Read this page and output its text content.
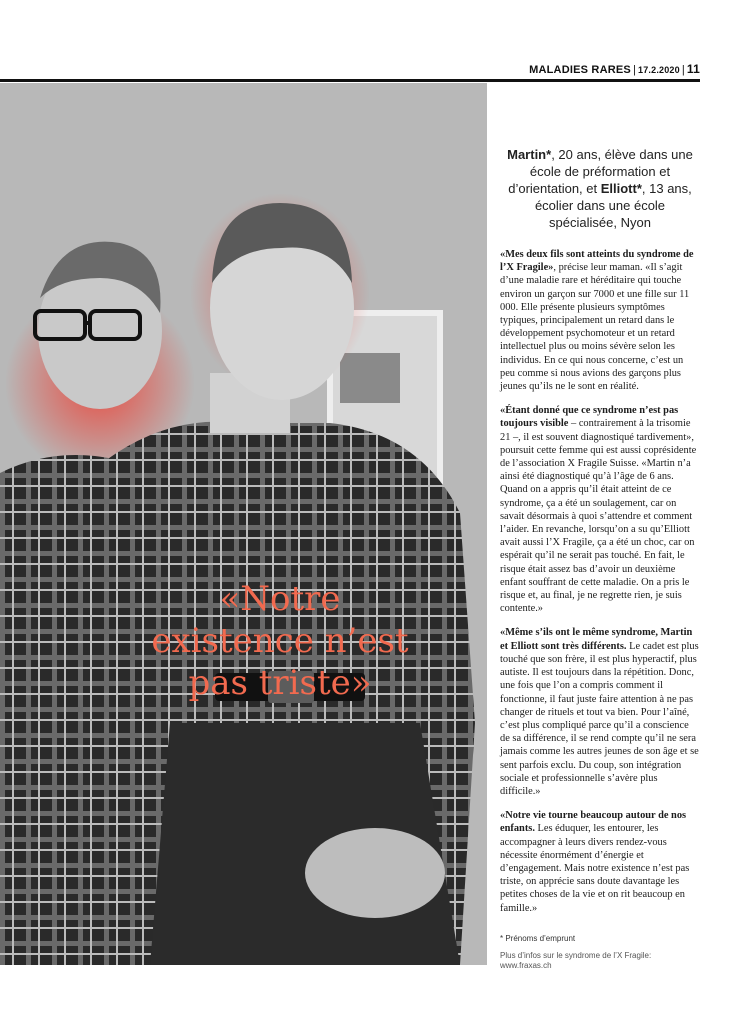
MALADIES RARES | 17.2.2020 | 11
«Notre
existence n’est
pas triste»
Martin*, 20 ans, élève dans une école de préformation et d’orientation, et Elliott*, 13 ans, écolier dans une école spécialisée, Nyon

«Mes deux fils sont atteints du syndrome de l’X Fragile», précise leur maman. «Il s’agit d’une maladie rare et héréditaire qui touche environ un garçon sur 7000 et une fille sur 11 000. Elle présente plusieurs symptômes typiques, principalement un retard dans le développement psychomoteur et un retard intellectuel plus ou moins sévère selon les individus. En ce qui nous concerne, c’est un peu comme si nous avions des garçons plus jeunes qu’ils ne le sont en réalité.

«Étant donné que ce syndrome n’est pas toujours visible – contrairement à la trisomie 21 –, il est souvent diagnostiqué tardivement», poursuit cette femme qui est aussi coprésidente de l’association X Fragile Suisse. «Martin n’a ainsi été diagnostiqué qu’à l’âge de 6 ans. Quand on a appris qu’il était atteint de ce syndrome, ça a été un soulagement, car on savait désormais à quoi s’attendre et comment l’aider. En revanche, lorsqu’on a su qu’Elliott avait aussi l’X Fragile, ça a été un choc, car on espérait qu’il ne serait pas touché. En fait, le risque était assez bas d’avoir un deuxième enfant souffrant de cette maladie. On a pris le risque et, au final, je ne regrette rien, je suis contente.»

«Même s’ils ont le même syndrome, Martin et Elliott sont très différents. Le cadet est plus touché que son frère, il est plus hyperactif, plus autiste. Il est toujours dans la répétition. Donc, une fois que l’on a compris comment il fonctionne, il faut juste faire attention à ne pas changer de rituels et tout va bien. Pour l’aîné, c’est plus compliqué parce qu’il a conscience de sa différence, il se rend compte qu’il ne sera jamais comme les autres jeunes de son âge et se sent parfois exclu. Du coup, son intégration sociale et professionnelle s’avère plus difficile.»

«Notre vie tourne beaucoup autour de nos enfants. Les éduquer, les entourer, les accompagner à leurs divers rendez-vous nécessite énormément d’énergie et d’engagement. Mais notre existence n’est pas triste, on apprécie sans doute davantage les petites choses de la vie et on rit beaucoup en famille.»

* Prénoms d’emprunt
Plus d’infos sur le syndrome de l’X Fragile: www.fraxas.ch
